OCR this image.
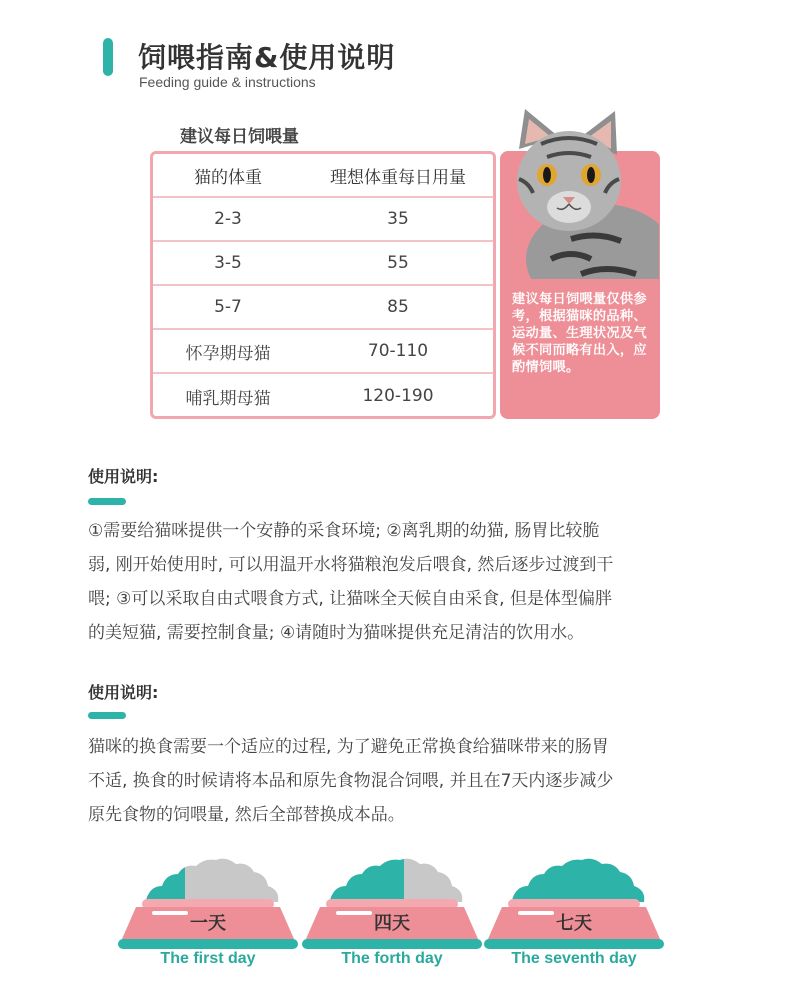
饲喂指南&使用说明
Feeding guide & instructions
建议每日饲喂量
猫的体重	理想体重每日用量
2-3	35
3-5	55
5-7	85
怀孕期母猫	70-110
哺乳期母猫	120-190
建议每日饲喂量仅供参考，根据猫咪的品种、运动量、生理状况及气候不同而略有出入，应酌情饲喂。
使用说明:
①需要给猫咪提供一个安静的采食环境; ②离乳期的幼猫, 肠胃比较脆
弱, 刚开始使用时, 可以用温开水将猫粮泡发后喂食, 然后逐步过渡到干
喂; ③可以采取自由式喂食方式, 让猫咪全天候自由采食, 但是体型偏胖
的美短猫, 需要控制食量; ④请随时为猫咪提供充足清洁的饮用水。
使用说明:
猫咪的换食需要一个适应的过程, 为了避免正常换食给猫咪带来的肠胃
不适, 换食的时候请将本品和原先食物混合饲喂, 并且在7天内逐步减少
原先食物的饲喂量, 然后全部替换成本品。
一天	四天	七天
The first day	The forth day	The seventh day
